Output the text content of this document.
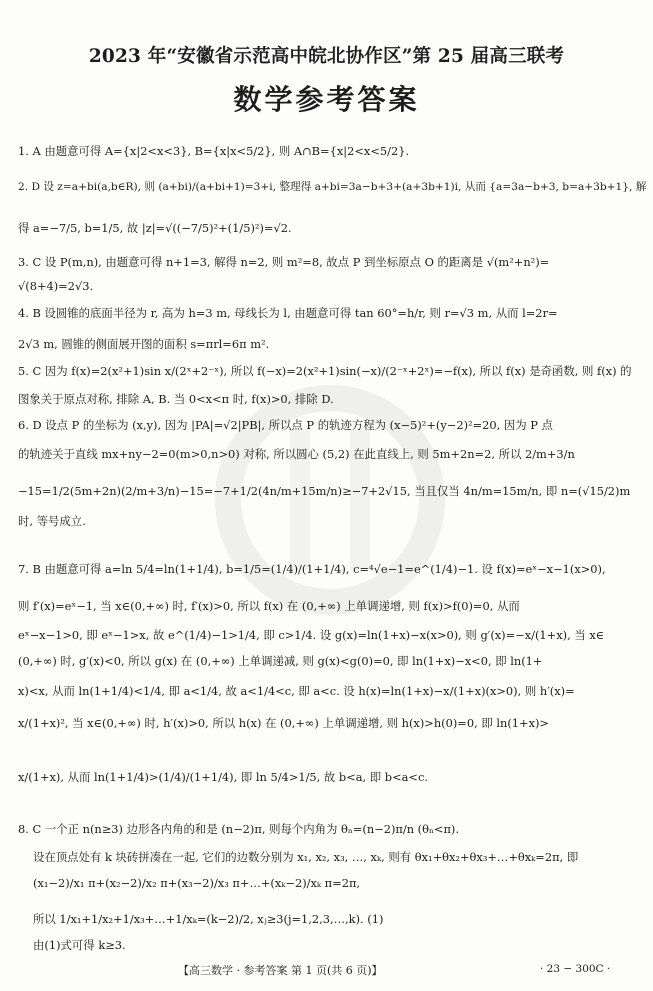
2023 年“安徽省示范高中皖北协作区”第 25 届高三联考
数学参考答案
1. A 由题意可得 A={x|2<x<3}, B={x|x<5/2}, 则 A∩B={x|2<x<5/2}.
2. D 设 z=a+bi(a,b∈R), 则 (a+bi)/(a+bi+1)=3+i, 整理得 a+bi=3a−b+3+(a+3b+1)i, 从而 {a=3a−b+3, b=a+3b+1}, 解
得 a=−7/5, b=1/5, 故 |z|=√((−7/5)²+(1/5)²)=√2.
3. C 设 P(m,n), 由题意可得 n+1=3, 解得 n=2, 则 m²=8, 故点 P 到坐标原点 O 的距离是 √(m²+n²)=
√(8+4)=2√3.
4. B 设圆锥的底面半径为 r, 高为 h=3 m, 母线长为 l, 由题意可得 tan 60°=h/r, 则 r=√3 m, 从而 l=2r=
2√3 m, 圆锥的侧面展开图的面积 s=πrl=6π m².
5. C 因为 f(x)=2(x²+1)sin x/(2ˣ+2⁻ˣ), 所以 f(−x)=2(x²+1)sin(−x)/(2⁻ˣ+2ˣ)=−f(x), 所以 f(x) 是奇函数, 则 f(x) 的
图象关于原点对称, 排除 A, B. 当 0<x<π 时, f(x)>0, 排除 D.
6. D 设点 P 的坐标为 (x,y), 因为 |PA|=√2|PB|, 所以点 P 的轨迹方程为 (x−5)²+(y−2)²=20, 因为 P 点
的轨迹关于直线 mx+ny−2=0(m>0,n>0) 对称, 所以圆心 (5,2) 在此直线上, 则 5m+2n=2, 所以 2/m+3/n
−15=1/2(5m+2n)(2/m+3/n)−15=−7+1/2(4n/m+15m/n)≥−7+2√15, 当且仅当 4n/m=15m/n, 即 n=(√15/2)m
时, 等号成立.
7. B 由题意可得 a=ln 5/4=ln(1+1/4), b=1/5=(1/4)/(1+1/4), c=⁴√e−1=e^(1/4)−1. 设 f(x)=eˣ−x−1(x>0),
则 f′(x)=eˣ−1, 当 x∈(0,+∞) 时, f′(x)>0, 所以 f(x) 在 (0,+∞) 上单调递增, 则 f(x)>f(0)=0, 从而
eˣ−x−1>0, 即 eˣ−1>x, 故 e^(1/4)−1>1/4, 即 c>1/4. 设 g(x)=ln(1+x)−x(x>0), 则 g′(x)=−x/(1+x), 当 x∈
(0,+∞) 时, g′(x)<0, 所以 g(x) 在 (0,+∞) 上单调递减, 则 g(x)<g(0)=0, 即 ln(1+x)−x<0, 即 ln(1+
x)<x, 从而 ln(1+1/4)<1/4, 即 a<1/4, 故 a<1/4<c, 即 a<c. 设 h(x)=ln(1+x)−x/(1+x)(x>0), 则 h′(x)=
x/(1+x)², 当 x∈(0,+∞) 时, h′(x)>0, 所以 h(x) 在 (0,+∞) 上单调递增, 则 h(x)>h(0)=0, 即 ln(1+x)>
x/(1+x), 从而 ln(1+1/4)>(1/4)/(1+1/4), 即 ln 5/4>1/5, 故 b<a, 即 b<a<c.
8. C 一个正 n(n≥3) 边形各内角的和是 (n−2)π, 则每个内角为 θₙ=(n−2)π/n (θₙ<π).
设在顶点处有 k 块砖拼凑在一起, 它们的边数分别为 x₁, x₂, x₃, …, xₖ, 则有 θx₁+θx₂+θx₃+…+θxₖ=2π, 即
(x₁−2)/x₁ π+(x₂−2)/x₂ π+(x₃−2)/x₃ π+…+(xₖ−2)/xₖ π=2π,
所以 1/x₁+1/x₂+1/x₃+…+1/xₖ=(k−2)/2, xⱼ≥3(j=1,2,3,…,k). (1)
由(1)式可得 k≥3.
【高三数学 · 参考答案 第 1 页(共 6 页)】	· 23 − 300C ·
